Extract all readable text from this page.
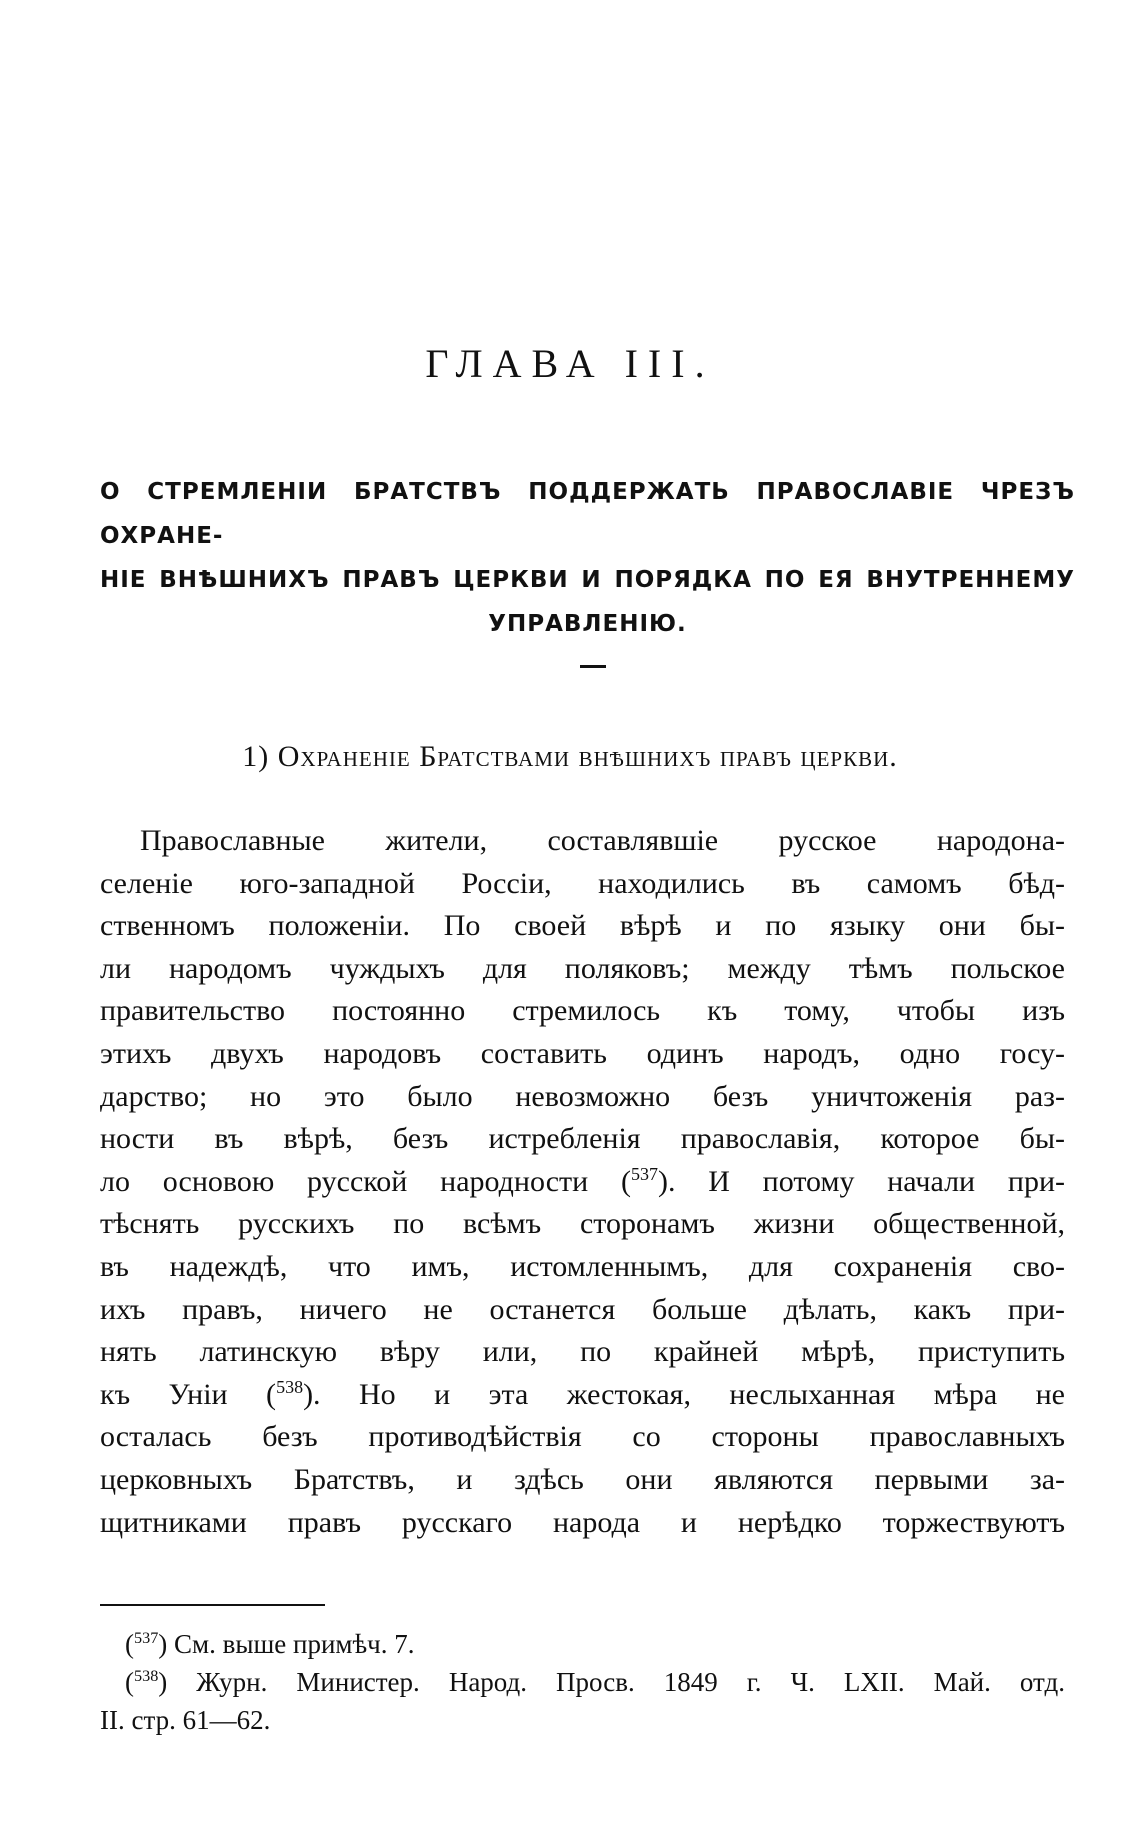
ГЛАВА III.
О СТРЕМЛЕНІИ БРАТСТВЪ ПОДДЕРЖАТЬ ПРАВОСЛАВІЕ ЧРЕЗЪ ОХРАНЕ-
НІЕ ВНѢШНИХЪ ПРАВЪ ЦЕРКВИ И ПОРЯДКА ПО ЕЯ ВНУТРЕННЕМУ
УПРАВЛЕНІЮ.
1) Охраненіе Братствами внѣшнихъ правъ церкви.
Православные жители, составлявшіе русское народона-
селеніе юго-западной Россіи, находились въ самомъ бѣд-
ственномъ положеніи. По своей вѣрѣ и по языку они бы-
ли народомъ чуждыхъ для поляковъ; между тѣмъ польское
правительство постоянно стремилось къ тому, чтобы изъ
этихъ двухъ народовъ составить одинъ народъ, одно госу-
дарство; но это было невозможно безъ уничтоженія раз-
ности въ вѣрѣ, безъ истребленія православія, которое бы-
ло основою русской народности ($^{537}$). И потому начали при-
тѣснять русскихъ по всѣмъ сторонамъ жизни общественной,
въ надеждѣ, что имъ, истомленнымъ, для сохраненія сво-
ихъ правъ, ничего не останется больше дѣлать, какъ при-
нять латинскую вѣру или, по крайней мѣрѣ, приступить
къ Уніи ($^{538}$). Но и эта жестокая, неслыханная мѣра не
осталась безъ противодѣйствія со стороны православныхъ
церковныхъ Братствъ, и здѣсь они являются первыми за-
щитниками правъ русскаго народа и нерѣдко торжествуютъ
($^{537}$) См. выше примѣч. 7.
($^{538}$) Журн. Министер. Народ. Просв. 1849 г. Ч. LXII. Май. отд.
II. стр. 61—62.
